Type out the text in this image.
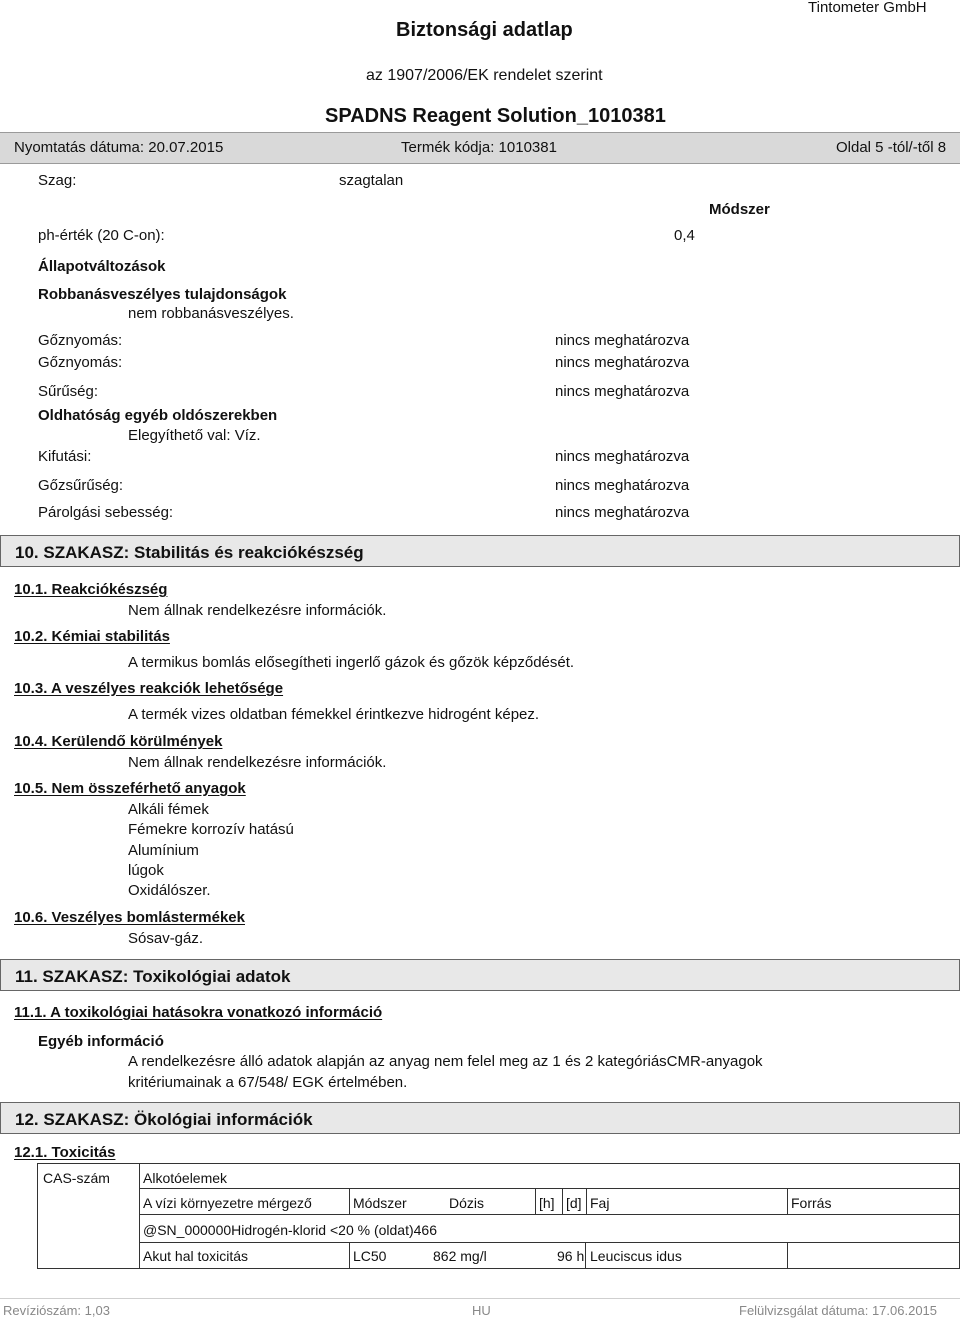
Biztonsági adatlap
Tintometer GmbH
az 1907/2006/EK rendelet szerint
SPADNS Reagent Solution_1010381
Nyomtatás dátuma: 20.07.2015	Termék kódja: 1010381	Oldal 5 -tól/-től 8
Szag:	szagtalan
Módszer
ph-érték (20 C-on):	0,4
Állapotváltozások
Robbanásveszélyes tulajdonságok
nem robbanásveszélyes.
Gőznyomás:	nincs meghatározva
Gőznyomás:	nincs meghatározva
Sűrűség:	nincs meghatározva
Oldhatóság egyéb oldószerekben
Elegyíthető val: Víz.
Kifutási:	nincs meghatározva
Gőzsűrűség:	nincs meghatározva
Párolgási sebesség:	nincs meghatározva
10. SZAKASZ: Stabilitás és reakciókészség
10.1. Reakciókészség
Nem állnak rendelkezésre információk.
10.2. Kémiai stabilitás
A termikus bomlás elősegítheti ingerlő gázok és gőzök képződését.
10.3. A veszélyes reakciók lehetősége
A termék vizes oldatban fémekkel érintkezve hidrogént képez.
10.4. Kerülendő körülmények
Nem állnak rendelkezésre információk.
10.5. Nem összeférhető anyagok
Alkáli fémek
Fémekre korrozív hatású
Alumínium
lúgok
Oxidálószer.
10.6. Veszélyes bomlástermékek
Sósav-gáz.
11. SZAKASZ: Toxikológiai adatok
11.1. A toxikológiai hatásokra vonatkozó információ
Egyéb információ
A rendelkezésre álló adatok alapján az anyag nem felel meg az 1 és 2 kategóriásCMR-anyagok
kritériumainak a 67/548/ EGK értelmében.
12. SZAKASZ: Ökológiai információk
12.1. Toxicitás
CAS-szám Alkotóelemek
A vízi környezetre mérgező	Módszer	Dózis	[h] [d] Faj	Forrás
@SN_000000Hidrogén-klorid <20 % (oldat)466
Akut hal toxicitás	LC50	862 mg/l	96 h Leuciscus idus
Revíziószám: 1,03	HU	Felülvizsgálat dátuma: 17.06.2015
